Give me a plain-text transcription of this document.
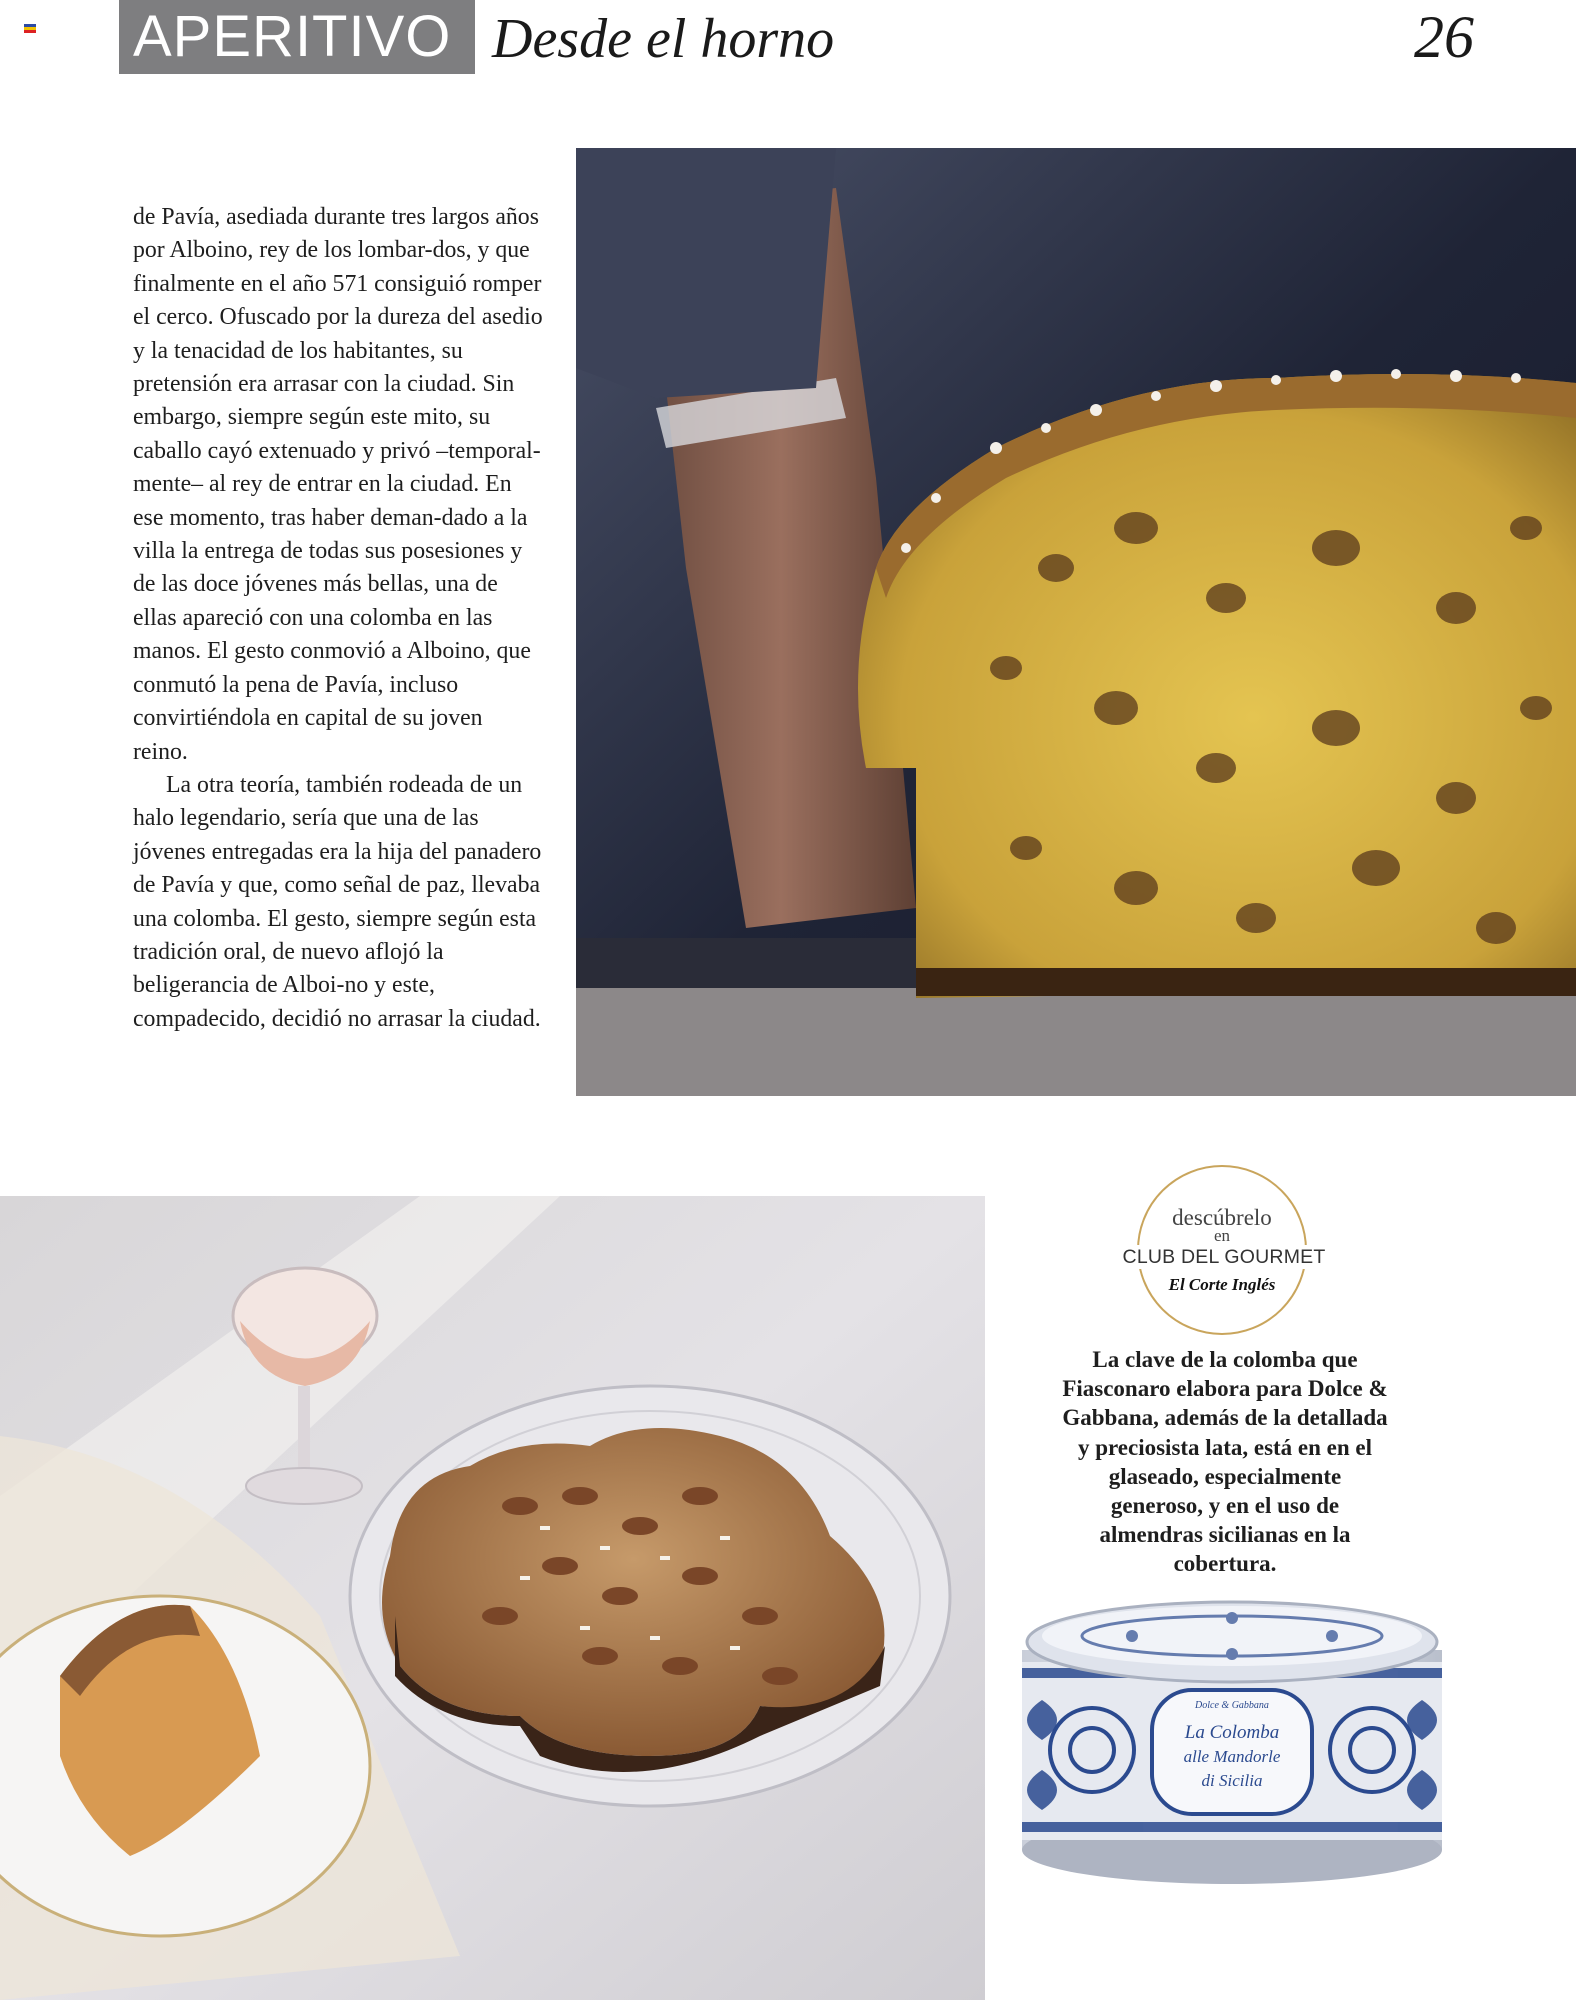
APERITIVO Desde el horno	26

de Pavía, asediada durante tres largos años por Alboino, rey de los lombar-dos, y que finalmente en el año 571 consiguió romper el cerco. Ofuscado por la dureza del asedio y la tenacidad de los habitantes, su pretensión era arrasar con la ciudad. Sin embargo, siempre según este mito, su caballo cayó extenuado y privó –temporal-mente– al rey de entrar en la ciudad. En ese momento, tras haber deman-dado a la villa la entrega de todas sus posesiones y de las doce jóvenes más bellas, una de ellas apareció con una colomba en las manos. El gesto conmovió a Alboino, que conmutó la pena de Pavía, incluso convirtiéndola en capital de su joven reino.

La otra teoría, también rodeada de un halo legendario, sería que una de las jóvenes entregadas era la hija del panadero de Pavía y que, como señal de paz, llevaba una colomba. El gesto, siempre según esta tradición oral, de nuevo aflojó la beligerancia de Alboi-no y este, compadecido, decidió no arrasar la ciudad.

descúbrelo
en
CLUB DEL GOURMET
El Corte Inglés
La clave de la colomba que Fiasconaro elabora para Dolce & Gabbana, además de la detallada y preciosista lata, está en en el glaseado, especialmente generoso, y en el uso de almendras sicilianas en la cobertura.
Dolce & Gabbana
La Colomba
alle Mandorle
di Sicilia
